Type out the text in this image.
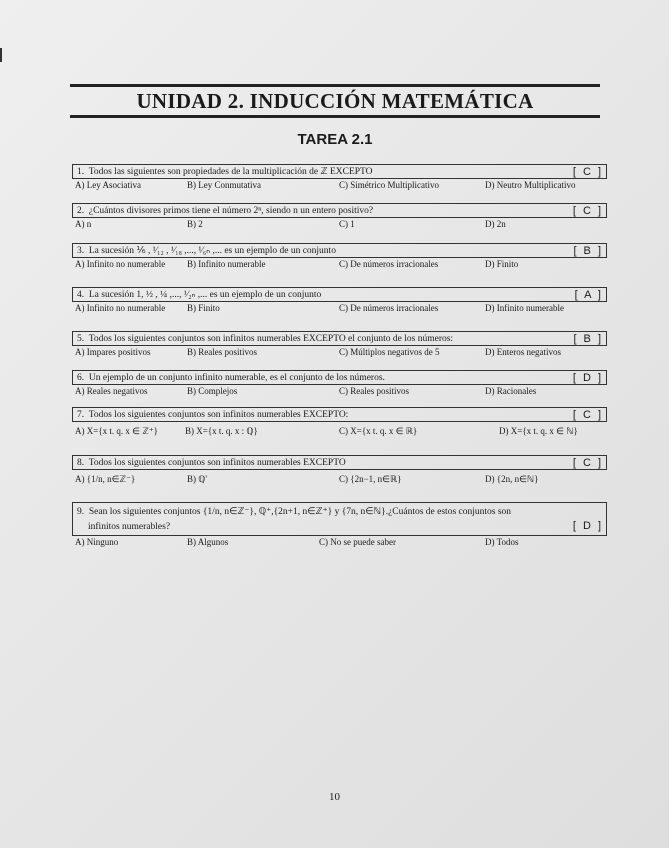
UNIDAD 2. INDUCCIÓN MATEMÁTICA
TAREA 2.1
1. Todos las siguientes son propiedades de la multiplicación de ℤ EXCEPTO	[ C ]
A) Ley Asociativa	B) Ley Conmutativa	C) Simétrico Multiplicativo	D) Neutro Multiplicativo
2. ¿Cuántos divisores primos tiene el número 2ⁿ, siendo n un entero positivo?	[ C ]
A) n	B) 2	C) 1	D) 2n
3. La sucesión ⅙ , ¹⁄₁₂ , ¹⁄₁₈ ,..., ¹⁄₆ₙ ,... es un ejemplo de un conjunto	[ B ]
A) Infinito no numerable B) Infinito numerable	C) De números irracionales	D) Finito
4. La sucesión 1, ½ , ¼ ,..., ¹⁄₂ₙ ,... es un ejemplo de un conjunto	[ A ]
A) Infinito no numerable B) Finito	C) De números irracionales	D) Infinito numerable
5. Todos los siguientes conjuntos son infinitos numerables EXCEPTO el conjunto de los números:	[ B ]
A) Impares positivos	B) Reales positivos	C) Múltiplos negativos de 5	D) Enteros negativos
6. Un ejemplo de un conjunto infinito numerable, es el conjunto de los números.	[ D ]
A) Reales negativos	B) Complejos	C) Reales positivos	D) Racionales
7. Todos los siguientes conjuntos son infinitos numerables EXCEPTO:	[ C ]
A) X={x t. q. x ∈ ℤ⁺}	B) X={x t. q. x : ℚ}	C) X={x t. q. x ∈ ℝ}	D) X={x t. q. x ∈ ℕ}
8. Todos los siguientes conjuntos son infinitos numerables EXCEPTO	[ C ]
A) {1/n, n∈ℤ⁻}	B) ℚ'	C) {2n−1, n∈ℝ}	D) {2n, n∈ℕ}
9. Sean los siguientes conjuntos {1/n, n∈ℤ⁻}, ℚ⁺,{2n+1, n∈ℤ⁺} y {7n, n∈ℕ}.¿Cuántos de estos conjuntos son
infinitos numerables?	[ D ]
A) Ninguno	B) Algunos	C) No se puede saber	D) Todos
10
